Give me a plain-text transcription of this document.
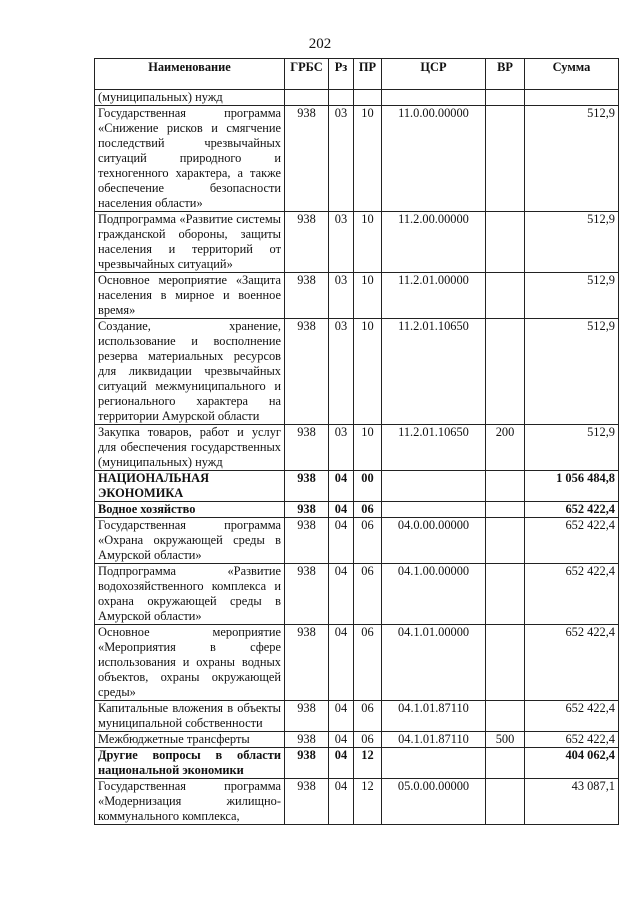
202
Наименование	ГРБС	Рз	ПР	ЦСР	ВР	Сумма
(муниципальных) нужд						
Государственная программа «Снижение рисков и смягчение последствий чрезвычайных ситуаций природного и техногенного характера, а также обеспечение безопасности населения области»	938	03	10	11.0.00.00000		512,9
Подпрограмма «Развитие системы гражданской обороны, защиты населения и территорий от чрезвычайных ситуаций»	938	03	10	11.2.00.00000		512,9
Основное мероприятие «Защита населения в мирное и военное время»	938	03	10	11.2.01.00000		512,9
Создание, хранение, использование и восполнение резерва материальных ресурсов для ликвидации чрезвычайных ситуаций межмуниципального и регионального характера на территории Амурской области	938	03	10	11.2.01.10650		512,9
Закупка товаров, работ и услуг для обеспечения государственных (муниципальных) нужд	938	03	10	11.2.01.10650	200	512,9
НАЦИОНАЛЬНАЯ ЭКОНОМИКА	938	04	00			1 056 484,8
Водное хозяйство	938	04	06			652 422,4
Государственная программа «Охрана окружающей среды в Амурской области»	938	04	06	04.0.00.00000		652 422,4
Подпрограмма «Развитие водохозяйственного комплекса и охрана окружающей среды в Амурской области»	938	04	06	04.1.00.00000		652 422,4
Основное мероприятие «Мероприятия в сфере использования и охраны водных объектов, охраны окружающей среды»	938	04	06	04.1.01.00000		652 422,4
Капитальные вложения в объекты муниципальной собственности	938	04	06	04.1.01.87110		652 422,4
Межбюджетные трансферты	938	04	06	04.1.01.87110	500	652 422,4
Другие вопросы в области национальной экономики	938	04	12			404 062,4
Государственная программа «Модернизация жилищно-коммунального комплекса,	938	04	12	05.0.00.00000		43 087,1
